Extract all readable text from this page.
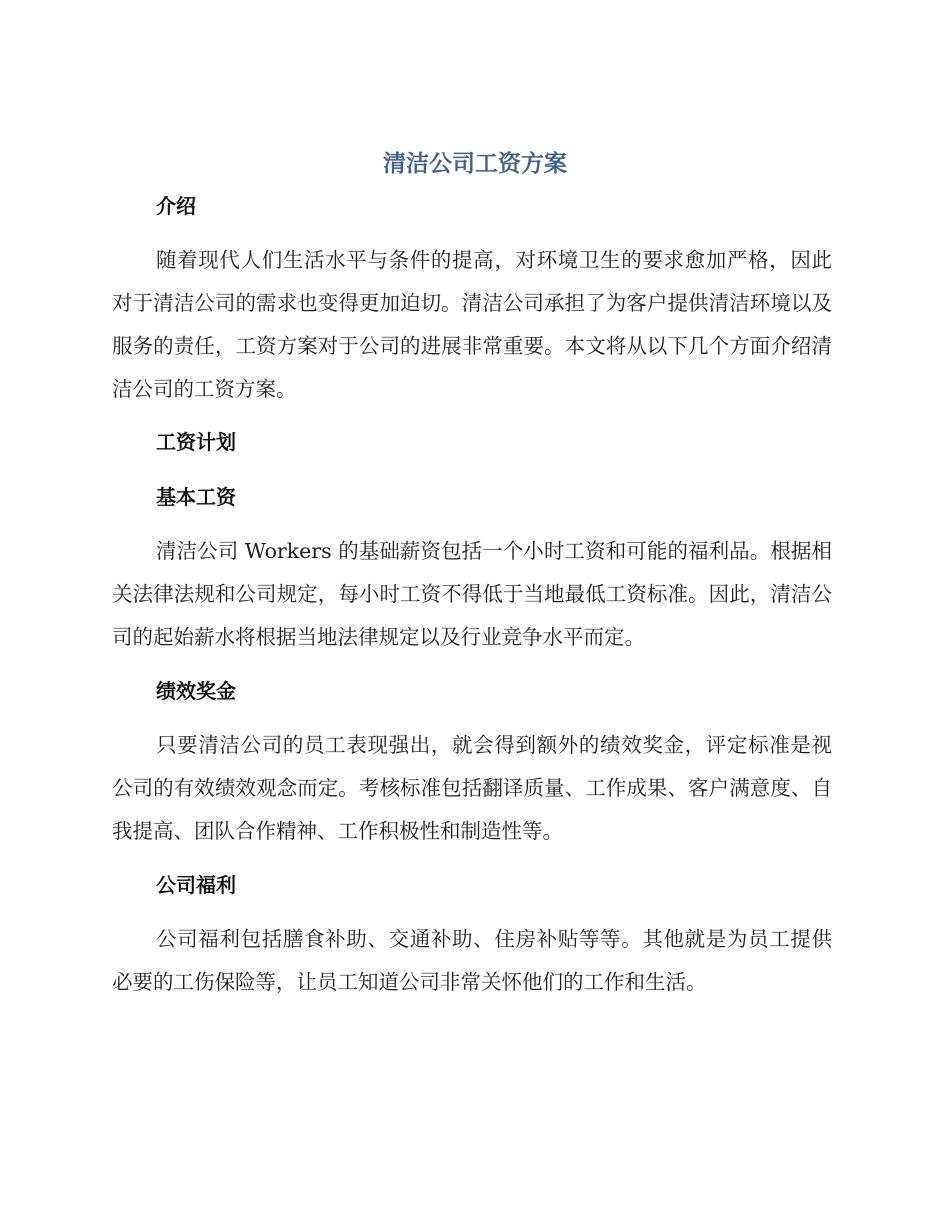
清洁公司工资方案
介绍

随着现代人们生活水平与条件的提高，对环境卫生的要求愈加严格，因此对于清洁公司的需求也变得更加迫切。清洁公司承担了为客户提供清洁环境以及服务的责任，工资方案对于公司的进展非常重要。本文将从以下几个方面介绍清洁公司的工资方案。

工资计划
基本工资

清洁公司 Workers 的基础薪资包括一个小时工资和可能的福利品。根据相关法律法规和公司规定，每小时工资不得低于当地最低工资标准。因此，清洁公司的起始薪水将根据当地法律规定以及行业竞争水平而定。

绩效奖金

只要清洁公司的员工表现强出，就会得到额外的绩效奖金，评定标准是视公司的有效绩效观念而定。考核标准包括翻译质量、工作成果、客户满意度、自我提高、团队合作精神、工作积极性和制造性等。

公司福利

公司福利包括膳食补助、交通补助、住房补贴等等。其他就是为员工提供必要的工伤保险等，让员工知道公司非常关怀他们的工作和生活。
